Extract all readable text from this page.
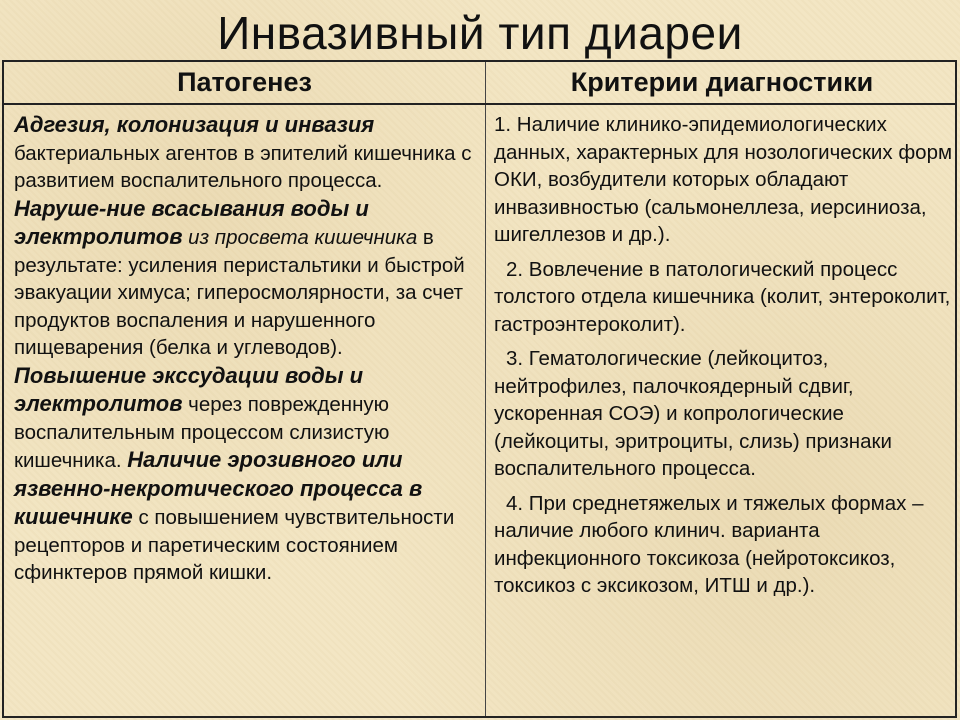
Инвазивный тип диареи
Патогенез	Критерии диагностики
Адгезия, колонизация и инвазия бактериальных агентов в эпителий кишечника с развитием воспалительного процесса. Наруше-ние всасывания воды и электролитов из просвета кишечника в результате: усиления перистальтики и быстрой эвакуации химуса; гиперосмолярности, за счет продуктов воспаления и нарушенного пищеварения (белка и углеводов). Повышение экссудации воды и электролитов через поврежденную воспалительным процессом слизистую кишечника. Наличие эрозивного или язвенно-некротического процесса в кишечнике с повышением чувствительности рецепторов и паретическим состоянием сфинктеров прямой кишки.

1. Наличие клинико-эпидемиологических данных, характерных для нозологических форм ОКИ, возбудители которых обладают инвазивностью (сальмонеллеза, иерсиниоза, шигеллезов и др.).

2. Вовлечение в патологический процесс толстого отдела кишечника (колит, энтероколит, гастроэнтероколит).

3. Гематологические (лейкоцитоз, нейтрофилез, палочкоядерный сдвиг, ускоренная СОЭ) и копрологические (лейкоциты, эритроциты, слизь) признаки воспалительного процесса.

4. При среднетяжелых и тяжелых формах – наличие любого клинич. варианта инфекционного токсикоза (нейротоксикоз, токсикоз с эксикозом, ИТШ и др.).
